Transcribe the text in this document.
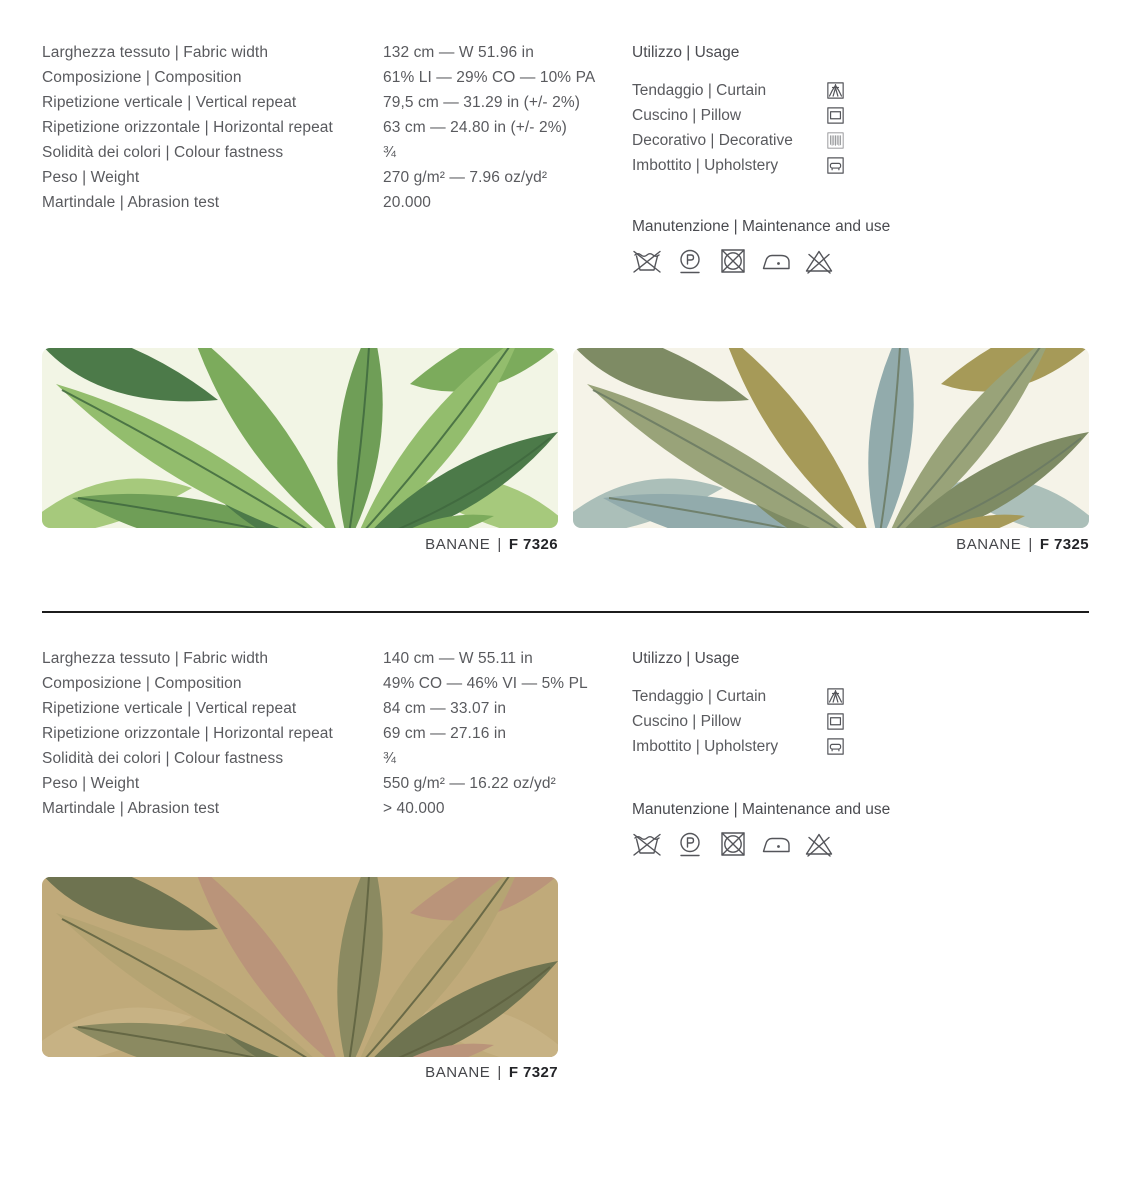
Larghezza tessuto | Fabric width	132 cm — W 51.96 in
Composizione | Composition	61% LI — 29% CO — 10% PA
Ripetizione verticale | Vertical repeat	79,5 cm — 31.29 in (+/- 2%)
Ripetizione orizzontale | Horizontal repeat	63 cm — 24.80 in (+/- 2%)
Solidità dei colori | Colour fastness	¾
Peso | Weight	270 g/m² — 7.96 oz/yd²
Martindale | Abrasion test	20.000
Utilizzo | Usage
Tendaggio | Curtain
Cuscino | Pillow
Decorativo | Decorative
Imbottito | Upholstery
Manutenzione | Maintenance and use
BANANE | F 7326	BANANE | F 7325
Larghezza tessuto | Fabric width	140 cm — W 55.11 in
Composizione | Composition	49% CO — 46% VI — 5% PL
Ripetizione verticale | Vertical repeat	84 cm — 33.07 in
Ripetizione orizzontale | Horizontal repeat	69 cm — 27.16 in
Solidità dei colori | Colour fastness	¾
Peso | Weight	550 g/m² — 16.22 oz/yd²
Martindale | Abrasion test	> 40.000
Utilizzo | Usage
Tendaggio | Curtain
Cuscino | Pillow
Imbottito | Upholstery
Manutenzione | Maintenance and use
BANANE | F 7327
